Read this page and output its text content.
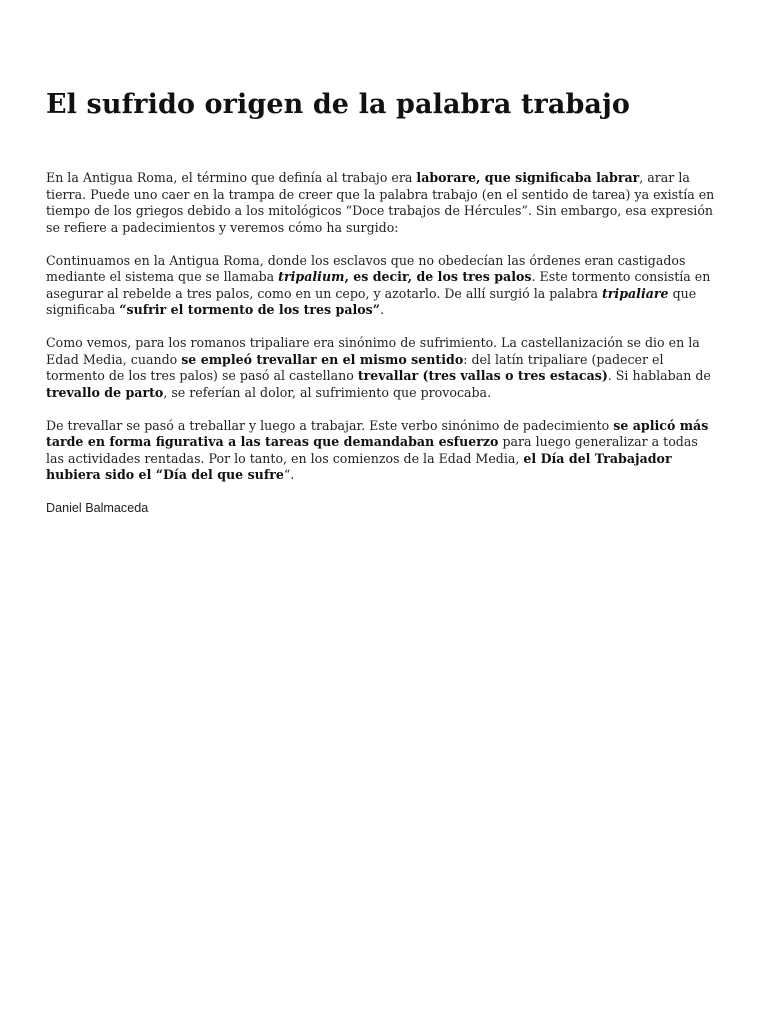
El sufrido origen de la palabra trabajo

En la Antigua Roma, el término que definía al trabajo era laborare, que significaba labrar, arar la tierra. Puede uno caer en la trampa de creer que la palabra trabajo (en el sentido de tarea) ya existía en tiempo de los griegos debido a los mitológicos “Doce trabajos de Hércules”. Sin embargo, esa expresión se refiere a padecimientos y veremos cómo ha surgido:

Continuamos en la Antigua Roma, donde los esclavos que no obedecían las órdenes eran castigados mediante el sistema que se llamaba tripalium, es decir, de los tres palos. Este tormento consistía en asegurar al rebelde a tres palos, como en un cepo, y azotarlo. De allí surgió la palabra tripaliare que significaba “sufrir el tormento de los tres palos”.

Como vemos, para los romanos tripaliare era sinónimo de sufrimiento. La castellanización se dio en la Edad Media, cuando se empleó trevallar en el mismo sentido: del latín tripaliare (padecer el tormento de los tres palos) se pasó al castellano trevallar (tres vallas o tres estacas). Si hablaban de trevallo de parto, se referían al dolor, al sufrimiento que provocaba.

De trevallar se pasó a treballar y luego a trabajar. Este verbo sinónimo de padecimiento se aplicó más tarde en forma figurativa a las tareas que demandaban esfuerzo para luego generalizar a todas las actividades rentadas. Por lo tanto, en los comienzos de la Edad Media, el Día del Trabajador hubiera sido el “Día del que sufre“.

Daniel Balmaceda
